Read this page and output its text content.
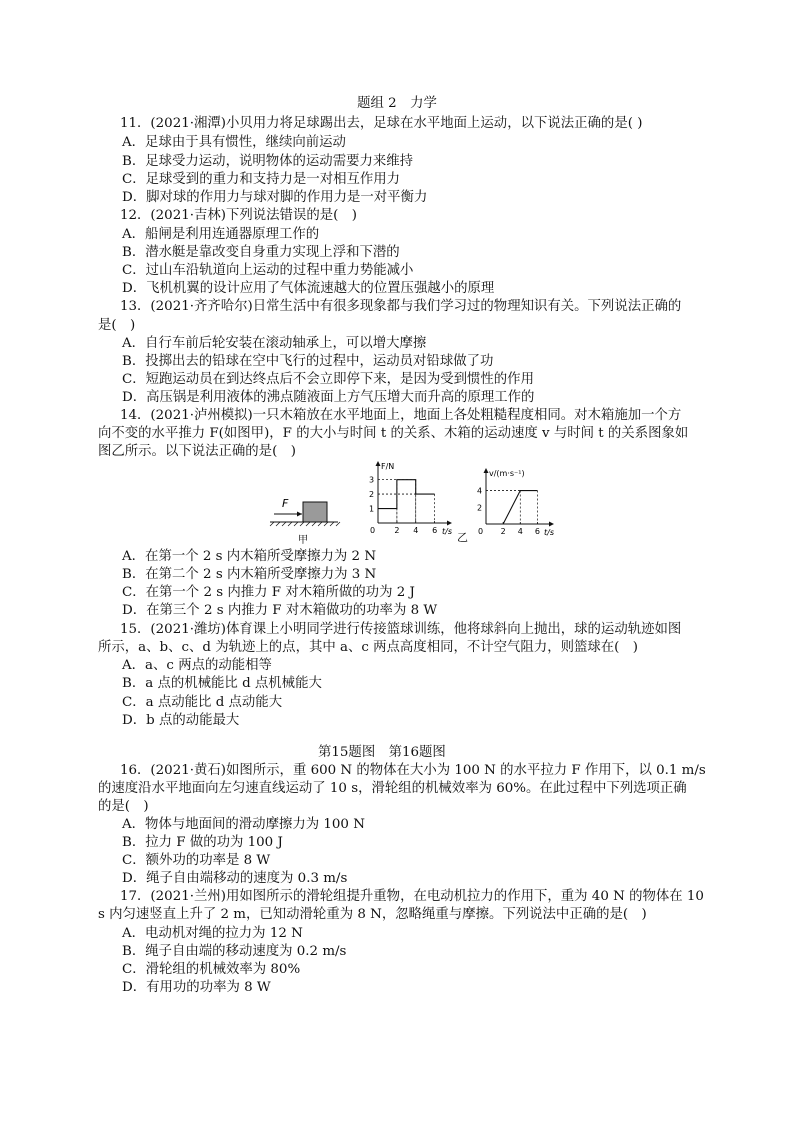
题组 2　力学
11．(2021·湘潭)小贝用力将足球踢出去，足球在水平地面上运动，以下说法正确的是( )
A．足球由于具有惯性，继续向前运动
B．足球受力运动，说明物体的运动需要力来维持
C．足球受到的重力和支持力是一对相互作用力
D．脚对球的作用力与球对脚的作用力是一对平衡力
12．(2021·吉林)下列说法错误的是(　)
A．船闸是利用连通器原理工作的
B．潜水艇是靠改变自身重力实现上浮和下潜的
C．过山车沿轨道向上运动的过程中重力势能减小
D．飞机机翼的设计应用了气体流速越大的位置压强越小的原理
13．(2021·齐齐哈尔)日常生活中有很多现象都与我们学习过的物理知识有关。下列说法正确的
是(　)
A．自行车前后轮安装在滚动轴承上，可以增大摩擦
B．投掷出去的铅球在空中飞行的过程中，运动员对铅球做了功
C．短跑运动员在到达终点后不会立即停下来，是因为受到惯性的作用
D．高压锅是利用液体的沸点随液面上方气压增大而升高的原理工作的
14．(2021·泸州模拟)一只木箱放在水平地面上，地面上各处粗糙程度相同。对木箱施加一个方
向不变的水平推力 F(如图甲)，F 的大小与时间 t 的关系、木箱的运动速度 v 与时间 t 的关系图象如
图乙所示。以下说法正确的是(　)
F
甲
F/N
t/s
0 2 4 6
1
2
3
v/(m·s⁻¹)
t/s
0 2 4 6
2
4
乙
A．在第一个 2 s 内木箱所受摩擦力为 2 N
B．在第二个 2 s 内木箱所受摩擦力为 3 N
C．在第一个 2 s 内推力 F 对木箱所做的功为 2 J
D．在第三个 2 s 内推力 F 对木箱做功的功率为 8 W
15．(2021·潍坊)体育课上小明同学进行传接篮球训练，他将球斜向上抛出，球的运动轨迹如图
所示，a、b、c、d 为轨迹上的点，其中 a、c 两点高度相同，不计空气阻力，则篮球在(　)
A．a、c 两点的动能相等
B．a 点的机械能比 d 点机械能大
C．a 点动能比 d 点动能大
D．b 点的动能最大
第15题图　第16题图
16．(2021·黄石)如图所示，重 600 N 的物体在大小为 100 N 的水平拉力 F 作用下，以 0.1 m/s
的速度沿水平地面向左匀速直线运动了 10 s，滑轮组的机械效率为 60%。在此过程中下列选项正确
的是(　)
A．物体与地面间的滑动摩擦力为 100 N
B．拉力 F 做的功为 100 J
C．额外功的功率是 8 W
D．绳子自由端移动的速度为 0.3 m/s
17．(2021·兰州)用如图所示的滑轮组提升重物，在电动机拉力的作用下，重为 40 N 的物体在 10
s 内匀速竖直上升了 2 m，已知动滑轮重为 8 N，忽略绳重与摩擦。下列说法中正确的是(　)
A．电动机对绳的拉力为 12 N
B．绳子自由端的移动速度为 0.2 m/s
C．滑轮组的机械效率为 80%
D．有用功的功率为 8 W
